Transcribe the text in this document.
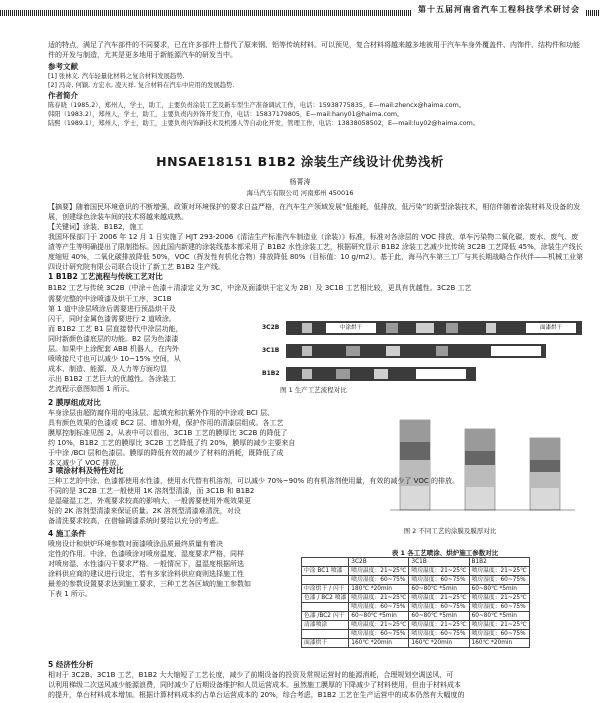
第十五届河南省汽车工程科技学术研讨会
适的特点，满足了汽车部件的不同要求，已在许多部件上替代了原来钢、铝等传统材料。可以预见，复合材料将越来越多地被用于汽车车身外覆盖件、内饰件、结构件和功能件的开发与制造，尤其是更多地用于新能源汽车的研发当中。
参考文献
[1] 张林义. 汽车轻量化材料之复合材料发展趋势.
[2] 冯奇, 何颖, 方宏水, 凌天祥. 复合材料在汽车中应用的发展趋势.
作者简介
陈春晓（1985.2），郑州人，学士，助工，主要负责涂装工艺及新车型生产准备调试工作，电话：15938775835，E—mail:zhencx@haima.com。
韩阳（1983.2），郑州人，学士，助工，主要负责内外饰开发工作，电话：15837179805，E—mail:hany01@haima.com。
陆熙（1989.1），郑州人，学士，助工，主要负责内饰新技术及机器人等自动化开发，管理工作，电话：13838058502，E—mail:luy02@haima.com。
HNSAE18151 B1B2 涂装生产线设计优势浅析
杨菁涛
海马汽车有限公司 河南郑州 450016
【摘要】随着国民环境意识的不断增强，政策对环境保护的要求日益严格，在汽车生产领域发展“低能耗，低排放，低污染”的新型涂装技术，相信伴随着涂装材料及设备的发展，创建绿色涂装车间的技术将越来越成熟。
【关键词】涂装，B1B2，施工
我国环保部门于 2006 年 12 月 1 日实施了 HJT 293-2006《清洁生产标准汽车制造业（涂装）》标准，标准对各涂层的 VOC 排放、单车污染物二氧化碳、废水、废气、废渣等产生等明确提出了限制指标。因此国内新建的涂装线基本都采用了 B1B2 水性涂装工艺，根据研究显示 B1B2 涂装工艺减少比传统 3C2B 工艺降低 45%，涂装生产线长度缩短 40%，二氧化碳排放降低 50%，VOC（挥发性有机化合物）排放降低 80%（目标值：10 g/m2）。基于此，海马汽车第三工厂与其长期战略合作伙伴——机械工业第四设计研究院有限公司联合设计了新工艺 B1B2 生产线。
1 B1B2 工艺流程与传统工艺对比
B1B2 工艺与传统 3C2B（中涂＋色漆＋清漆定义为 3C，中涂及面漆烘干定义为 2B）及 3C1B 工艺相比较，更具有优越性。3C2B 工艺
需要完整的中涂喷漆及烘干工序，3C1B
第 1 道中涂层喷涂后需要进行预晶烘干及
闪干，同时金属色漆需要进行 2 道喷涂。
而 B1B2 工艺 B1 层直接替代中涂层功能，
同时新颜色漆底层的功能。B2 层为色漆漆
层。如果中上涂配套 ABB 机器人，在内外
喷喷接尺寸也可以减少 10~15% 空间，从
成本、制造、能源、及人力等方面均显
示出 B1B2 工艺巨大的优越性。各涂装工
艺流程示意图如图 1 所示。
3C2B	中涂烘干	面漆烘干
3C1B
B1B2
图 1 生产工艺流程对比
2 膜厚组成对比
车身涂层由超防腐作用的电泳层、起填充和抗紫外作用的中涂或 BCI 层、
具有颜色效果的色漆或 BC2 层、增加外观，保护作用的清漆层组成。各工艺
膜厚控制标准见图 2。从表中可以看出，3C1B 工艺的膜厚比 3C2B 的降低了
约 10%，B1B2 工艺的膜厚比 3C2B 工艺降低了约 20%，膜厚的减少主要来自
于中涂 /BCI 层和色漆层。膜厚的降低有效的减少了材料的消耗，既降低了成
本又减少了 VOC 排放。
图 2 不同工艺的涂膜及膜厚对比
3 喷涂材料及特性对比
三种工艺的中涂、色漆都使用水性漆，使用水代替有机溶剂，可以减少 70%~90% 的有机溶剂使用量，有效的减少了 VOC 的排放。
不同的是 3C2B 工艺一般使用 1K 溶剂型清漆，而 3C1B 和 B1B2
是湿碰湿工艺，外观要求较高的影响大，一般需要使用外观效果更
好的 2K 溶剂型清漆来保证质量。2K 溶剂型清漆难清洗，对设
备清洗要求较高，在借输调漆系统时要给以充分的考虑。
4 施工条件
喷房设计和烘炉环境参数对面漆喷涂品质最终质量有着决
定性的作用。中涂、色漆喷涂对喷房温度、湿度要求严格，同样
对喷房湿、水性漆闪干要求严格。一般情况下，温湿度根据所选
涂料供应商的建议进行设定，若有多家涂料供应商则选择施工性
最差的参数设置要求达到施工要求，三种工艺各区域的施工参数如
下表 1 所示。
表 1 各工艺喷涂、烘炉施工参数对比
	3C2B	3C1B	B1B2
中涂 BC1 喷漆	喷房温度：21~25℃	喷房温度：21~25℃	喷房温度：21~25℃
	喷房湿度：60~75%	喷房湿度：60~75%	喷房湿度：60~75%
中涂烘干 / 闪干	180℃ *20min	60~80℃ *5min	60~80℃ *5min
色漆 / BC2 喷漆	喷房温度：21~25℃	喷房温度：21~25℃	喷房温度：21~25℃
	喷房湿度：60~75%	喷房湿度：60~75%	喷房湿度：60~75%
色漆 /BC2 闪干	60~80℃ *5min	60~80℃ *5min	60~80℃ *5min
清漆喷涂	喷房温度：21~25℃	喷房温度：21~25℃	喷房温度：21~25℃
	喷房湿度：60~75%	喷房湿度：60~75%	喷房湿度：60~75%
面漆烘干	160℃ *20min	160℃ *20min	160℃ *20min
5 经济性分析
相对于 3C2B、3C1B 工艺，B1B2 大大缩短了工艺长度，减少了前期设备的投资及常规运营时的能源消耗，合理规划空调送风，可
以利用梯级二次送风减少能源浪费，同时减少了后期设备维护和人员运营成本。虽然施工膜厚的下降减少了材料使用，但由于材料成本
的提升，单台材料成本增加。根据计算材料成本约占单台运营成本的 20%，综合考虑，B1B2 工艺在生产运营中的成本仍然有大幅度的
